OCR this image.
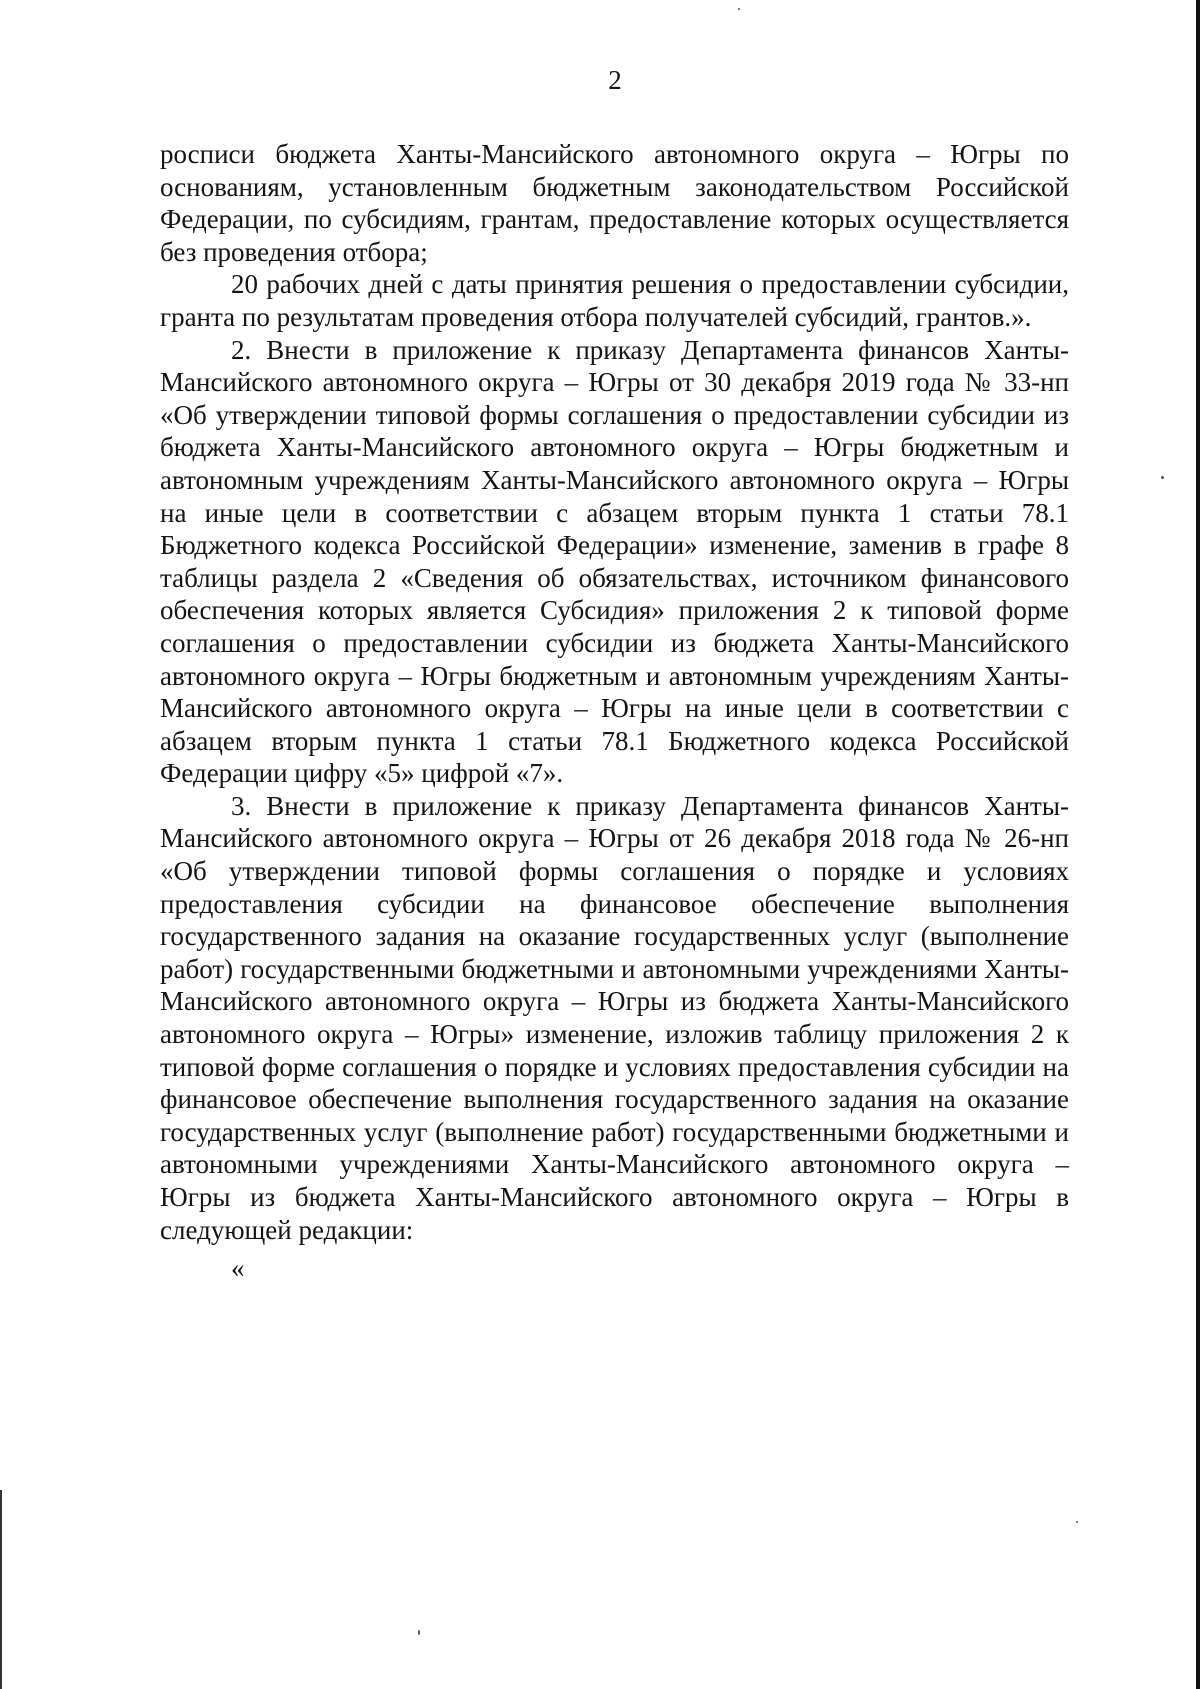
2

росписи бюджета Ханты-Мансийского автономного округа – Югры по основаниям, установленным бюджетным законодательством Российской Федерации, по субсидиям, грантам, предоставление которых осуществляется без проведения отбора;

20 рабочих дней с даты принятия решения о предоставлении субсидии, гранта по результатам проведения отбора получателей субсидий, грантов.».

2. Внести в приложение к приказу Департамента финансов Ханты-Мансийского автономного округа – Югры от 30 декабря 2019 года № 33-нп «Об утверждении типовой формы соглашения о предоставлении субсидии из бюджета Ханты-Мансийского автономного округа – Югры бюджетным и автономным учреждениям Ханты-Мансийского автономного округа – Югры на иные цели в соответствии с абзацем вторым пункта 1 статьи 78.1 Бюджетного кодекса Российской Федерации» изменение, заменив в графе 8 таблицы раздела 2 «Сведения об обязательствах, источником финансового обеспечения которых является Субсидия» приложения 2 к типовой форме соглашения о предоставлении субсидии из бюджета Ханты-Мансийского автономного округа – Югры бюджетным и автономным учреждениям Ханты-Мансийского автономного округа – Югры на иные цели в соответствии с абзацем вторым пункта 1 статьи 78.1 Бюджетного кодекса Российской Федерации цифру «5» цифрой «7».

3. Внести в приложение к приказу Департамента финансов Ханты-Мансийского автономного округа – Югры от 26 декабря 2018 года № 26-нп «Об утверждении типовой формы соглашения о порядке и условиях предоставления субсидии на финансовое обеспечение выполнения государственного задания на оказание государственных услуг (выполнение работ) государственными бюджетными и автономными учреждениями Ханты-Мансийского автономного округа – Югры из бюджета Ханты-Мансийского автономного округа – Югры» изменение, изложив таблицу приложения 2 к типовой форме соглашения о порядке и условиях предоставления субсидии на финансовое обеспечение выполнения государственного задания на оказание государственных услуг (выполнение работ) государственными бюджетными и автономными учреждениями Ханты-Мансийского автономного округа – Югры из бюджета Ханты-Мансийского автономного округа – Югры в следующей редакции:

«
